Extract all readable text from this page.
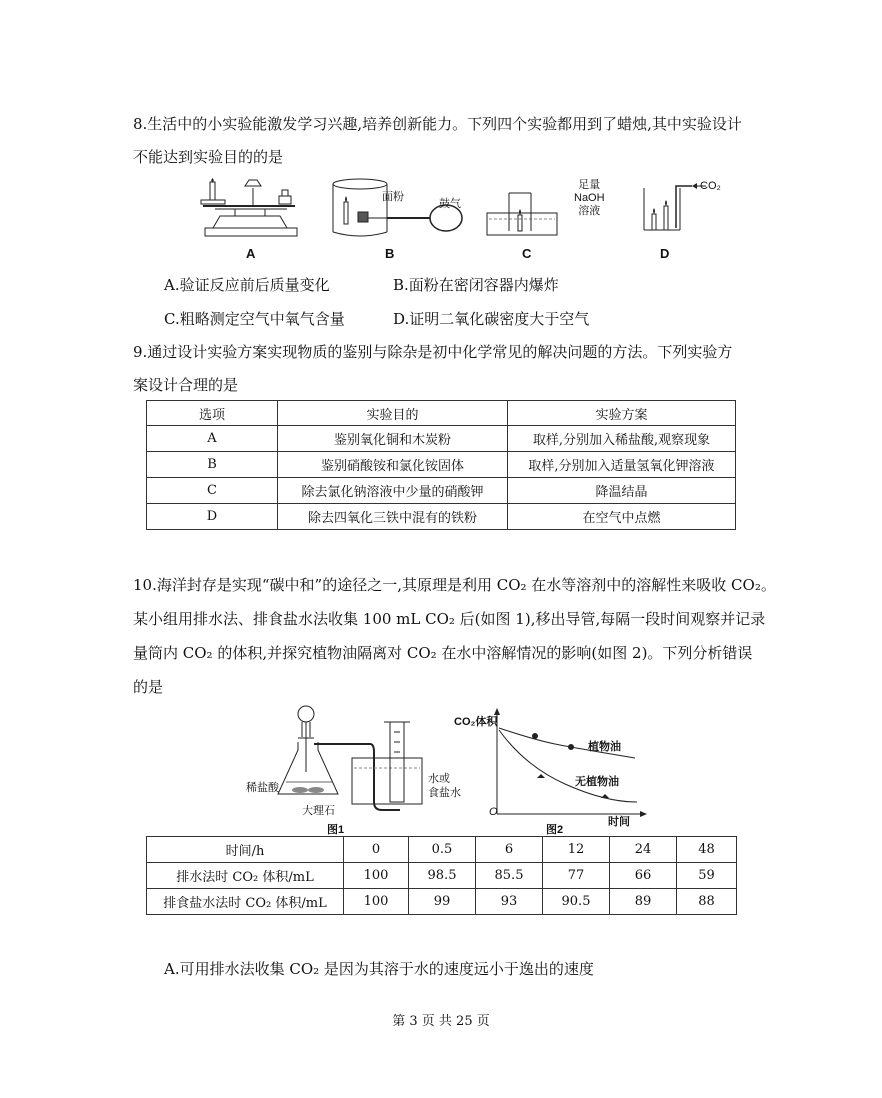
8.生活中的小实验能激发学习兴趣,培养创新能力。下列四个实验都用到了蜡烛,其中实验设计
不能达到实验目的的是
A
面粉
鼓气
B
足量
NaOH
溶液
C
CO₂
D
A.验证反应前后质量变化	B.面粉在密闭容器内爆炸
C.粗略测定空气中氧气含量	D.证明二氧化碳密度大于空气
9.通过设计实验方案实现物质的鉴别与除杂是初中化学常见的解决问题的方法。下列实验方
案设计合理的是
选项	实验目的	实验方案
A	鉴别氧化铜和木炭粉	取样,分别加入稀盐酸,观察现象
B	鉴别硝酸铵和氯化铵固体	取样,分别加入适量氢氧化钾溶液
C	除去氯化钠溶液中少量的硝酸钾	降温结晶
D	除去四氧化三铁中混有的铁粉	在空气中点燃
10.海洋封存是实现“碳中和”的途径之一,其原理是利用 CO₂ 在水等溶剂中的溶解性来吸收 CO₂。
某小组用排水法、排食盐水法收集 100 mL CO₂ 后(如图 1),移出导管,每隔一段时间观察并记录
量筒内 CO₂ 的体积,并探究植物油隔离对 CO₂ 在水中溶解情况的影响(如图 2)。下列分析错误
的是
稀盐酸
大理石
水或
食盐水
图1
CO₂体积
时间
O
植物油
无植物油
图2
时间/h	0	0.5	6	12	24	48
排水法时 CO₂ 体积/mL	100	98.5	85.5	77	66	59
排食盐水法时 CO₂ 体积/mL	100	99	93	90.5	89	88
A.可用排水法收集 CO₂ 是因为其溶于水的速度远小于逸出的速度
第 3 页 共 25 页
